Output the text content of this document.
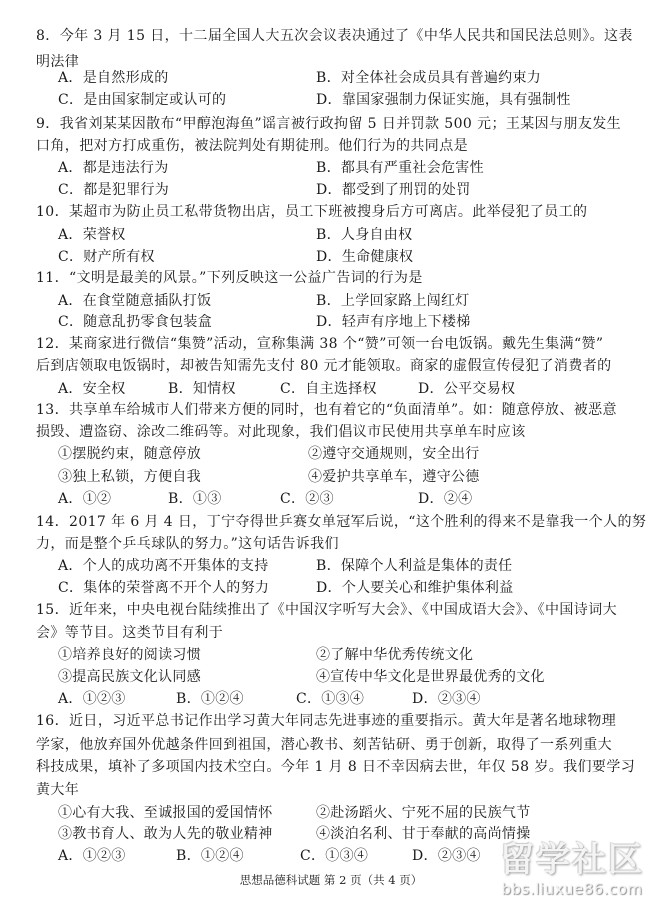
8．今年 3 月 15 日，十二届全国人大五次会议表决通过了《中华人民共和国民法总则》。这表
明法律
A．是自然形成的	B．对全体社会成员具有普遍约束力
C．是由国家制定或认可的	D．靠国家强制力保证实施，具有强制性
9．我省刘某某因散布“甲醇泡海鱼”谣言被行政拘留 5 日并罚款 500 元；王某因与朋友发生
口角，把对方打成重伤，被法院判处有期徒刑。他们行为的共同点是
A．都是违法行为	B．都具有严重社会危害性
C．都是犯罪行为	D．都受到了刑罚的处罚
10．某超市为防止员工私带货物出店，员工下班被搜身后方可离店。此举侵犯了员工的
A．荣誉权	B．人身自由权
C．财产所有权	D．生命健康权
11．“文明是最美的风景。”下列反映这一公益广告词的行为是
A．在食堂随意插队打饭	B．上学回家路上闯红灯
C．随意乱扔零食包装盒	D．轻声有序地上下楼梯
12．某商家进行微信“集赞”活动，宣称集满 38 个“赞”可领一台电饭锅。戴先生集满“赞”
后到店领取电饭锅时，却被告知需先支付 80 元才能领取。商家的虚假宣传侵犯了消费者的
A．安全权	B．知情权	C．自主选择权	D．公平交易权
13．共享单车给城市人们带来方便的同时，也有着它的“负面清单”。如：随意停放、被恶意
损毁、遭盗窃、涂改二维码等。对此现象，我们倡议市民使用共享单车时应该
①摆脱约束，随意停放	②遵守交通规则，安全出行
③独上私锁，方便自我	④爱护共享单车，遵守公德
A．①②	B．①③	C．②③	D．②④
14．2017 年 6 月 4 日，丁宁夺得世乒赛女单冠军后说，“这个胜利的得来不是靠我一个人的努
力，而是整个乒乓球队的努力。”这句话告诉我们
A．个人的成功离不开集体的支持	B．保障个人利益是集体的责任
C．集体的荣誉离不开个人的努力	D．个人要关心和维护集体利益
15．近年来，中央电视台陆续推出了《中国汉字听写大会》、《中国成语大会》、《中国诗词大
会》等节目。这类节目有利于
①培养良好的阅读习惯	②了解中华优秀传统文化
③提高民族文化认同感	④宣传中华文化是世界最优秀的文化
A．①②③	B．①②④	C．①③④	D．②③④
16．近日，习近平总书记作出学习黄大年同志先进事迹的重要指示。黄大年是著名地球物理
学家，他放弃国外优越条件回到祖国，潜心教书、刻苦钻研、勇于创新，取得了一系列重大
科技成果，填补了多项国内技术空白。今年 1 月 8 日不幸因病去世，年仅 58 岁。我们要学习
黄大年
①心有大我、至诚报国的爱国情怀	②赴汤蹈火、宁死不屈的民族气节
③教书育人、敢为人先的敬业精神	④淡泊名利、甘于奉献的高尚情操
A．①②③	B．①②④	C．①③④	D．②③④
思想品德科试题 第 2 页（共 4 页）	留学社区
bbs.liuxue86.com
